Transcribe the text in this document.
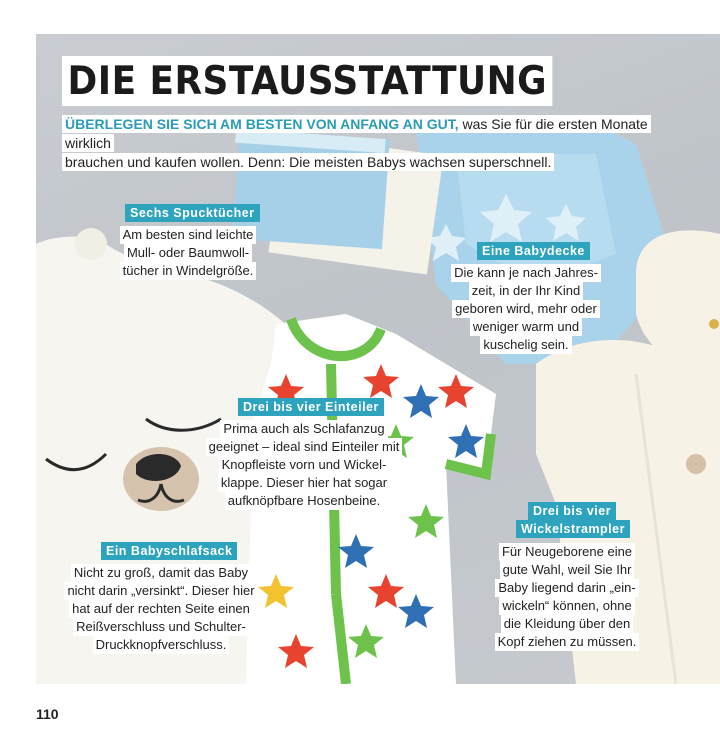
DIE ERSTAUSSTATTUNG
ÜBERLEGEN SIE SICH AM BESTEN VON ANFANG AN GUT, was Sie für die ersten Monate wirklich
brauchen und kaufen wollen. Denn: Die meisten Babys wachsen superschnell.
Sechs Spucktücher
Am besten sind leichte
Mull- oder Baumwoll-
tücher in Windelgröße.
Eine Babydecke
Die kann je nach Jahres-
zeit, in der Ihr Kind
geboren wird, mehr oder
weniger warm und
kuschelig sein.
Drei bis vier Einteiler
Prima auch als Schlafanzug
geeignet – ideal sind Einteiler mit
Knopfleiste vorn und Wickel-
klappe. Dieser hier hat sogar
aufknöpfbare Hosenbeine.
Ein Babyschlafsack
Nicht zu groß, damit das Baby
nicht darin „versinkt“. Dieser hier
hat auf der rechten Seite einen
Reißverschluss und Schulter-
Druckknopfverschluss.
Drei bis vier
Wickelstrampler
Für Neugeborene eine
gute Wahl, weil Sie Ihr
Baby liegend darin „ein-
wickeln“ können, ohne
die Kleidung über den
Kopf ziehen zu müssen.
110
